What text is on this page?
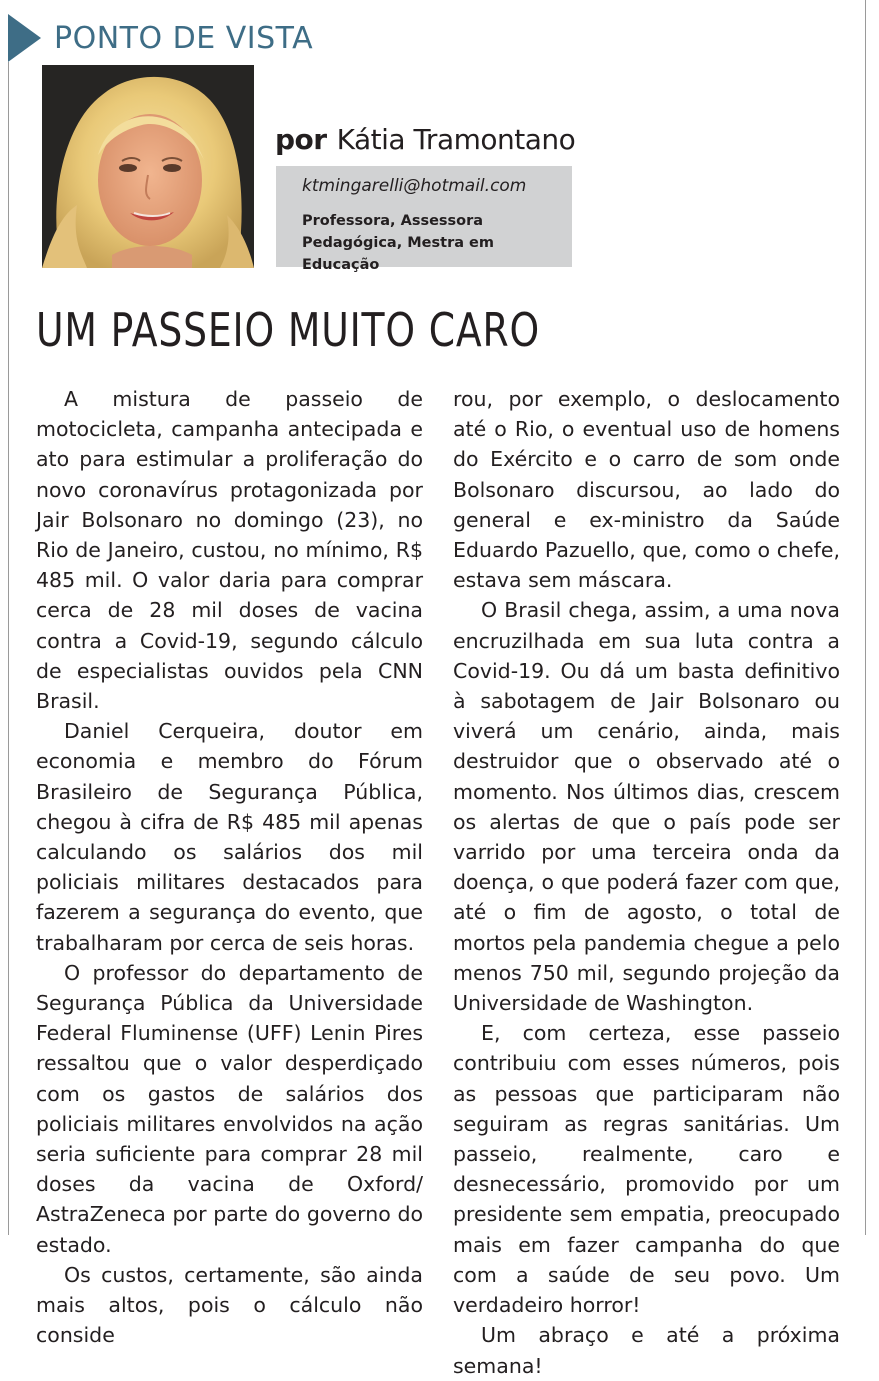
PONTO DE VISTA
por Kátia Tramontano
ktmingarelli@hotmail.com
Professora, Assessora Pedagógica, Mestra em Educação
UM PASSEIO MUITO CARO

A mistura de passeio de motocicleta, campanha antecipada e ato para estimular a proliferação do novo coronavírus protagonizada por Jair Bolsonaro no domingo (23), no Rio de Janeiro, custou, no mínimo, R$ 485 mil. O valor daria para comprar cerca de 28 mil doses de vacina contra a Covid-19, segundo cálculo de especialistas ouvidos pela CNN Brasil.

Daniel Cerqueira, doutor em economia e membro do Fórum Brasileiro de Segurança Pública, chegou à cifra de R$ 485 mil apenas calculando os salários dos mil policiais militares destacados para fazerem a segurança do evento, que trabalharam por cerca de seis horas.

O professor do departamento de Segurança Pública da Universidade Federal Fluminense (UFF) Lenin Pires ressaltou que o valor desperdiçado com os gastos de salários dos policiais militares envolvidos na ação seria suficiente para comprar 28 mil doses da vacina de Oxford/ AstraZeneca por parte do governo do estado.

Os custos, certamente, são ainda mais altos, pois o cálculo não conside

rou, por exemplo, o deslocamento até o Rio, o eventual uso de homens do Exército e o carro de som onde Bolsonaro discursou, ao lado do general e ex-ministro da Saúde Eduardo Pazuello, que, como o chefe, estava sem máscara.

O Brasil chega, assim, a uma nova encruzilhada em sua luta contra a Covid-19. Ou dá um basta definitivo à sabotagem de Jair Bolsonaro ou viverá um cenário, ainda, mais destruidor que o observado até o momento. Nos últimos dias, crescem os alertas de que o país pode ser varrido por uma terceira onda da doença, o que poderá fazer com que, até o fim de agosto, o total de mortos pela pandemia chegue a pelo menos 750 mil, segundo projeção da Universidade de Washington.

E, com certeza, esse passeio contribuiu com esses números, pois as pessoas que participaram não seguiram as regras sanitárias. Um passeio, realmente, caro e desnecessário, promovido por um presidente sem empatia, preocupado mais em fazer campanha do que com a saúde de seu povo. Um verdadeiro horror!

Um abraço e até a próxima semana!
